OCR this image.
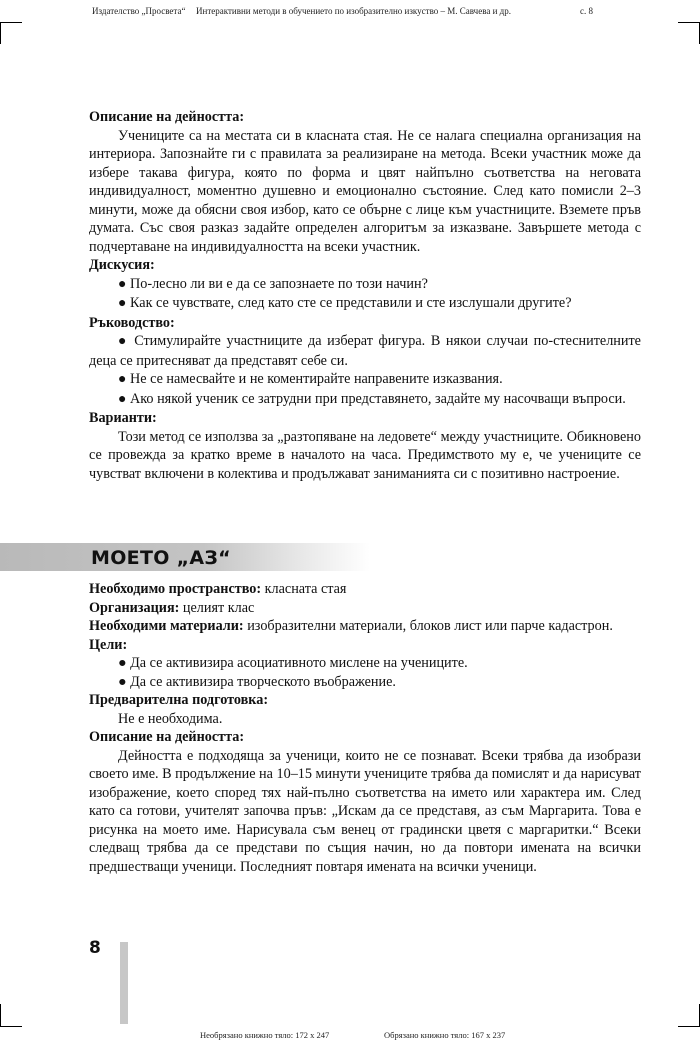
Издателство „Просвета“ Интерактивни методи в обучението по изобразително изкуство – М. Савчева и др.	с. 8

Описание на дейността:

Учениците са на местата си в класната стая. Не се налага специална организация на интериора. Запознайте ги с правилата за реализиране на метода. Всеки участник може да избере такава фигура, която по форма и цвят найпълно съответства на неговата индивидуалност, моментно душевно и емоционално състояние. След като помисли 2–3 минути, може да обясни своя избор, като се обърне с лице към участниците. Вземете пръв думата. Със своя разказ задайте определен алгоритъм за изказване. Завършете метода с подчертаване на индивидуалността на всеки участник.

Дискусия:

● По-лесно ли ви е да се запознаете по този начин?

● Как се чувствате, след като сте се представили и сте изслушали другите?

Ръководство:

● Стимулирайте участниците да изберат фигура. В някои случаи по-стеснителните деца се притесняват да представят себе си.

● Не се намесвайте и не коментирайте направените изказвания.

● Ако някой ученик се затрудни при представянето, задайте му насочващи въпроси.

Варианти:

Този метод се използва за „разтопяване на ледовете“ между участниците. Обикновено се провежда за кратко време в началото на часа. Предимството му е, че учениците се чувстват включени в колектива и продължават заниманията си с позитивно настроение.

МОЕТО „АЗ“

Необходимо пространство: класната стая

Организация: целият клас

Необходими материали: изобразителни материали, блоков лист или парче кадастрон.

Цели:

● Да се активизира асоциативното мислене на учениците.

● Да се активизира творческото въображение.

Предварителна подготовка:

Не е необходима.

Описание на дейността:

Дейността е подходяща за ученици, които не се познават. Всеки трябва да изобрази своето име. В продължение на 10–15 минути учениците трябва да помислят и да нарисуват изображение, което според тях най-пълно съответства на името или характера им. След като са готови, учителят започва пръв: „Искам да се представя, аз съм Маргарита. Това е рисунка на моето име. Нарисувала съм венец от градински цветя с маргаритки.“ Всеки следващ трябва да се представи по същия начин, но да повтори имената на всички предшестващи ученици. Последният повтаря имената на всички ученици.

8
Необрязано книжно тяло: 172 x 247	Обрязано книжно тяло: 167 x 237
